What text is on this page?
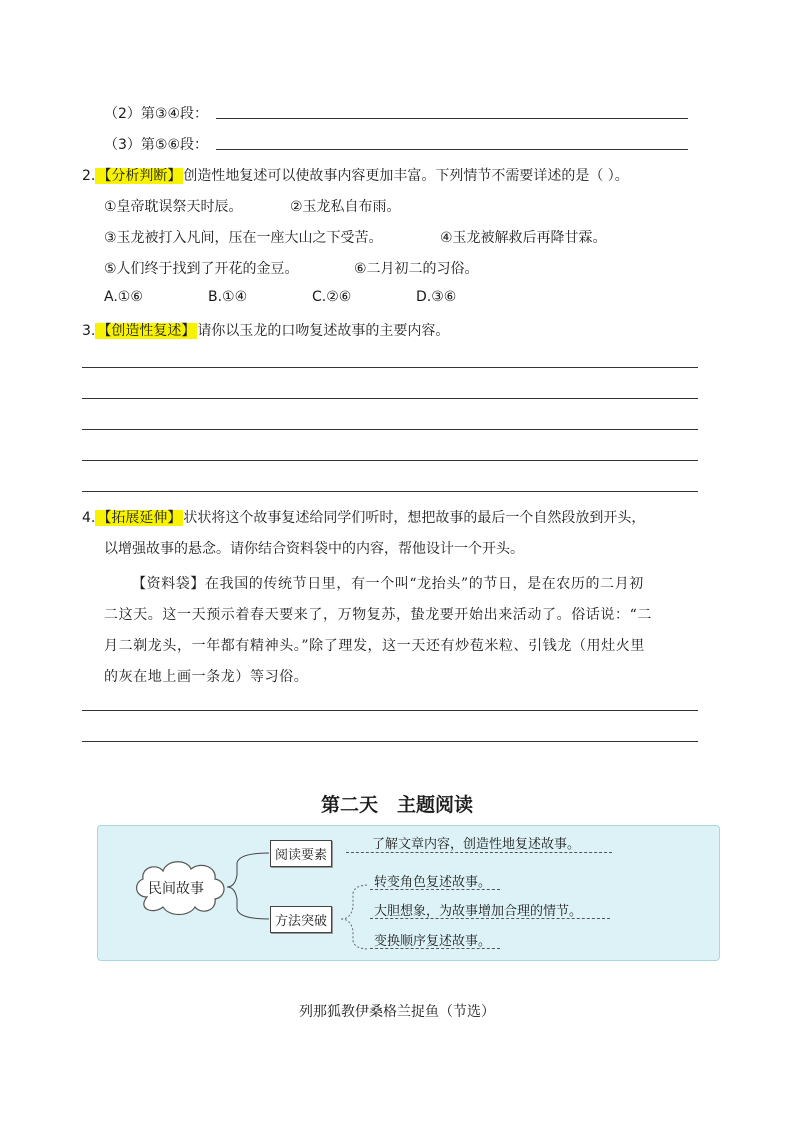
（2）第③④段：
（3）第⑤⑥段：
2. 【分析判断】 创造性地复述可以使故事内容更加丰富。下列情节不需要详述的是（ ）。
①皇帝耽误祭天时辰。	②玉龙私自布雨。
③玉龙被打入凡间，压在一座大山之下受苦。	④玉龙被解救后再降甘霖。
⑤人们终于找到了开花的金豆。	⑥二月初二的习俗。
A.①⑥	B.①④	C.②⑥	D.③⑥
3. 【创造性复述】 请你以玉龙的口吻复述故事的主要内容。
4. 【拓展延伸】 状状将这个故事复述给同学们听时，想把故事的最后一个自然段放到开头，
以增强故事的悬念。请你结合资料袋中的内容，帮他设计一个开头。
【资料袋】在我国的传统节日里，有一个叫“龙抬头”的节日，是在农历的二月初
二这天。这一天预示着春天要来了，万物复苏，蛰龙要开始出来活动了。俗话说：“二
月二剃龙头，一年都有精神头。”除了理发，这一天还有炒苞米粒、引钱龙（用灶火里
的灰在地上画一条龙）等习俗。
第二天　主题阅读
民间故事
阅读要素
了解文章内容，创造性地复述故事。
方法突破
转变角色复述故事。
大胆想象，为故事增加合理的情节。
变换顺序复述故事。
列那狐教伊桑格兰捉鱼（节选）
